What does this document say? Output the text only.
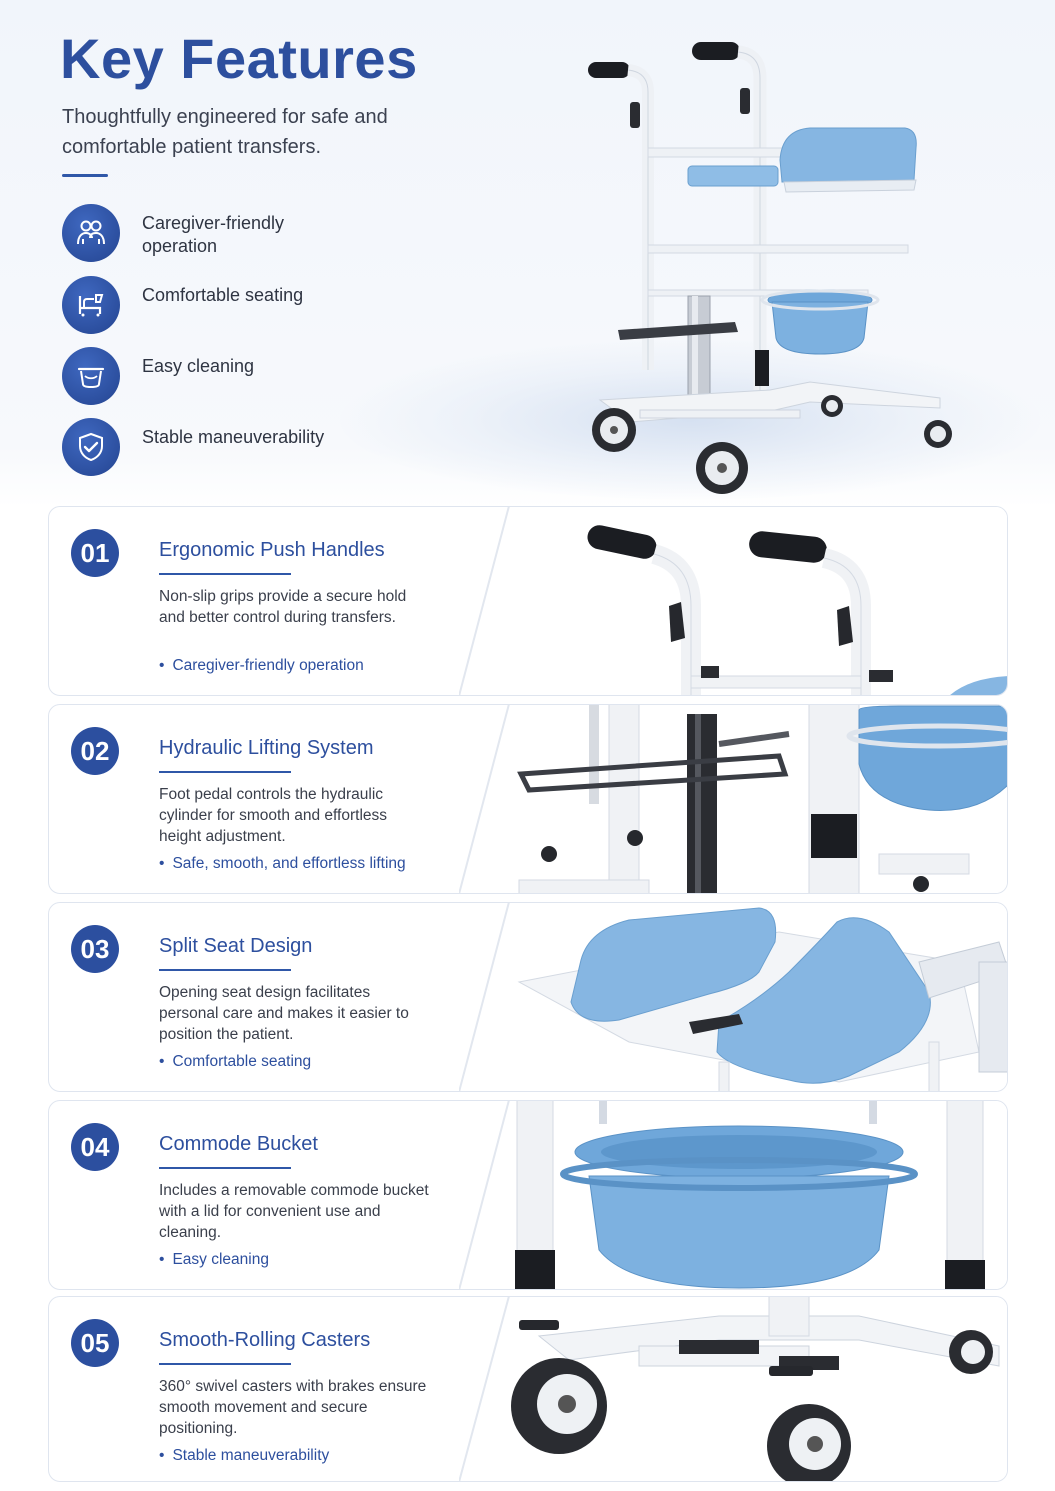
Key Features

Thoughtfully engineered for safe and comfortable patient transfers.

Caregiver-friendly operation
Comfortable seating
Easy cleaning
Stable maneuverability
01	Ergonomic Push Handles
Non-slip grips provide a secure hold and better control during transfers.
• Caregiver-friendly operation
02	Hydraulic Lifting System
Foot pedal controls the hydraulic cylinder for smooth and effortless height adjustment.
• Safe, smooth, and effortless lifting
03	Split Seat Design
Opening seat design facilitates personal care and makes it easier to position the patient.
• Comfortable seating
04	Commode Bucket
Includes a removable commode bucket with a lid for convenient use and cleaning.
• Easy cleaning
05	Smooth-Rolling Casters
360° swivel casters with brakes ensure smooth movement and secure positioning.
• Stable maneuverability
